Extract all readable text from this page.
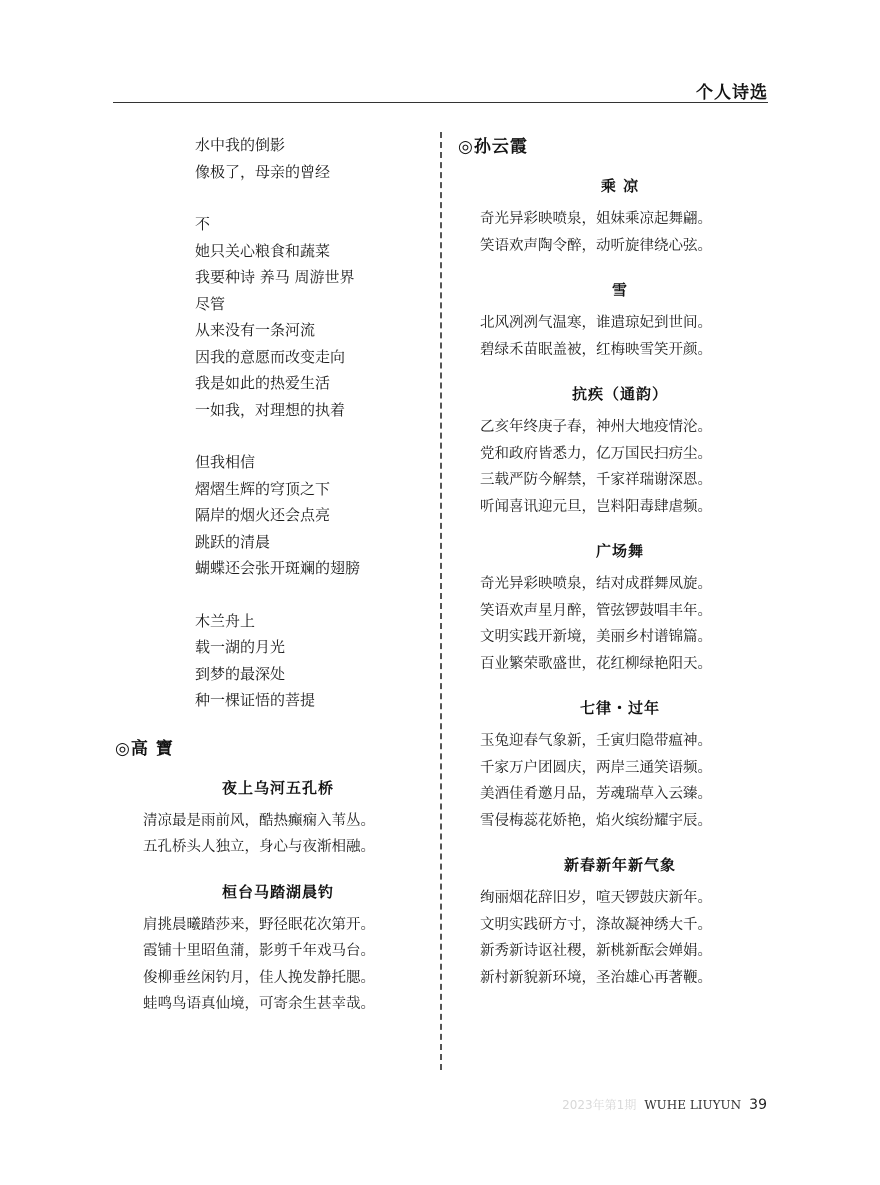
个人诗选
水中我的倒影
像极了，母亲的曾经
不
她只关心粮食和蔬菜
我要种诗 养马 周游世界
尽管
从来没有一条河流
因我的意愿而改变走向
我是如此的热爱生活
一如我，对理想的执着
但我相信
熠熠生辉的穹顶之下
隔岸的烟火还会点亮
跳跃的清晨
蝴蝶还会张开斑斓的翅膀
木兰舟上
载一湖的月光
到梦的最深处
种一棵证悟的菩提
◎高 寶
夜上乌河五孔桥
清凉最是雨前风，酷热癫痫入苇丛。
五孔桥头人独立，身心与夜渐相融。
桓台马踏湖晨钓
肩挑晨曦踏莎来，野径眠花次第开。
霞铺十里昭鱼蒲，影剪千年戏马台。
俊柳垂丝闲钓月，佳人挽发静托腮。
蛙鸣鸟语真仙境，可寄余生甚幸哉。
◎孙云霞
乘 凉
奇光异彩映喷泉，姐妹乘凉起舞翩。
笑语欢声陶令醉，动听旋律绕心弦。
雪
北风冽冽气温寒，谁遣琼妃到世间。
碧绿禾苗眠盖被，红梅映雪笑开颜。
抗疾（通韵）
乙亥年终庚子春，神州大地疫情沦。
党和政府皆悉力，亿万国民扫疠尘。
三载严防今解禁，千家祥瑞谢深恩。
听闻喜讯迎元旦，岂料阳毒肆虐频。
广场舞
奇光异彩映喷泉，结对成群舞凤旋。
笑语欢声星月醉，管弦锣鼓唱丰年。
文明实践开新境，美丽乡村谱锦篇。
百业繁荣歌盛世，花红柳绿艳阳天。
七律・过年
玉兔迎春气象新，壬寅归隐带瘟神。
千家万户团圆庆，两岸三通笑语频。
美酒佳肴邀月品，芳魂瑞草入云臻。
雪侵梅蕊花娇艳，焰火缤纷耀宇辰。
新春新年新气象
绚丽烟花辞旧岁，喧天锣鼓庆新年。
文明实践研方寸，涤故凝神绣大千。
新秀新诗讴社稷，新桃新酝会婵娟。
新村新貌新环境，圣治雄心再著鞭。
2023年第1期 WUHE LIUYUN 39
